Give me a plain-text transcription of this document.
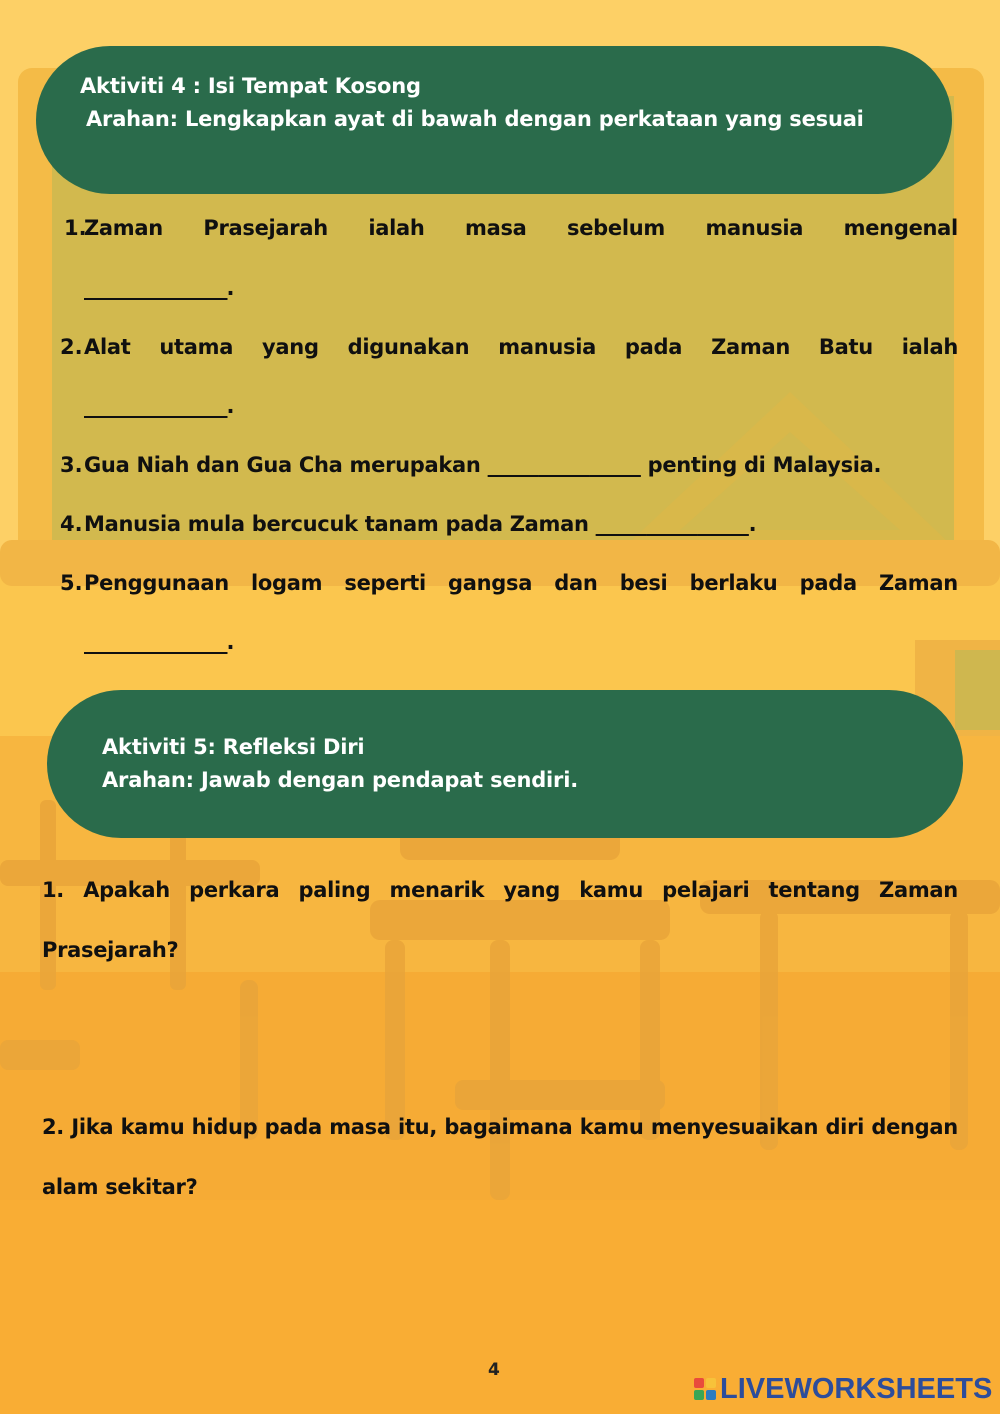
Aktiviti 4 : Isi Tempat Kosong
Arahan: Lengkapkan ayat di bawah dengan perkataan yang sesuai
1.
Zaman Prasejarah ialah masa sebelum manusia mengenal
_______________.
2. Alat utama yang digunakan manusia pada Zaman Batu ialah
_______________.
3. Gua Niah dan Gua Cha merupakan _______________ penting di Malaysia.
4. Manusia mula bercucuk tanam pada Zaman _______________.
5. Penggunaan logam seperti gangsa dan besi berlaku pada Zaman
_______________.
Aktiviti 5: Refleksi Diri
Arahan: Jawab dengan pendapat sendiri.
1. Apakah perkara paling menarik yang kamu pelajari tentang Zaman
Prasejarah?
2. Jika kamu hidup pada masa itu, bagaimana kamu menyesuaikan diri dengan
alam sekitar?
4
LIVEWORKSHEETS
